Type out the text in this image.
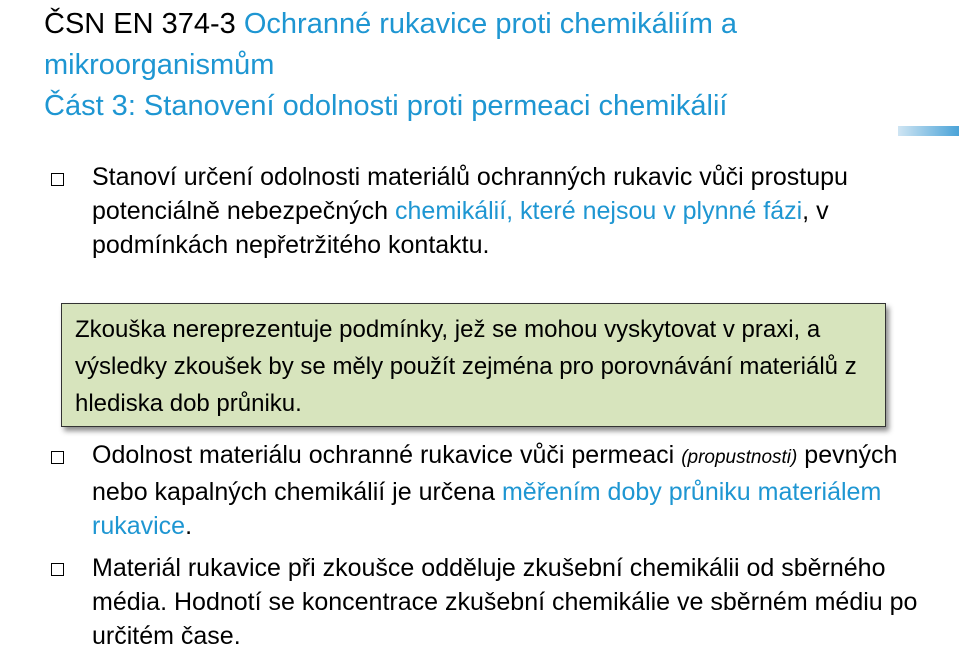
ČSN EN 374-3 Ochranné rukavice proti chemikáliím a
mikroorganismům
Část 3: Stanovení odolnosti proti permeaci chemikálií
Stanoví určení odolnosti materiálů ochranných rukavic vůči prostupu potenciálně nebezpečných chemikálií, které nejsou v plynné fázi, v podmínkách nepřetržitého kontaktu.
Zkouška nereprezentuje podmínky, jež se mohou vyskytovat v praxi, a výsledky zkoušek by se měly použít zejména pro porovnávání materiálů z hlediska dob průniku.
Odolnost materiálu ochranné rukavice vůči permeaci (propustnosti) pevných nebo kapalných chemikálií je určena měřením doby průniku materiálem rukavice.
Materiál rukavice při zkoušce odděluje zkušební chemikálii od sběrného média. Hodnotí se koncentrace zkušební chemikálie ve sběrném médiu po určitém čase.
